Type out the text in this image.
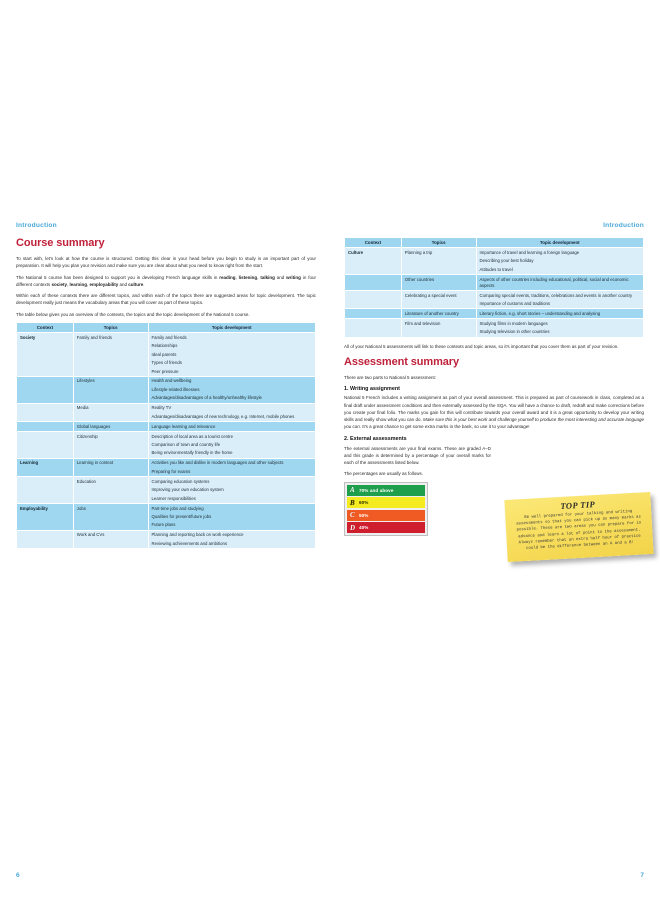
Introduction
Course summary

To start with, let's look at how the course is structured. Getting this clear in your head before you begin to study is an important part of your preparation. It will help you plan your revision and make sure you are clear about what you need to know right from the start.

The National 5 course has been designed to support you in developing French language skills in reading, listening, talking and writing in four different contexts society, learning, employability and culture.

Within each of these contexts there are different topics, and within each of the topics there are suggested areas for topic development. The topic development really just means the vocabulary areas that you will cover as part of these topics.

The table below gives you an overview of the contexts, the topics and the topic development of the National 5 course.

Context	Topics	Topic development
Society	Family and friends	Family and friends
Relationships
Ideal parents
Types of friends
Peer pressure

	Lifestyles	Health and wellbeing
Lifestyle-related illnesses
Advantages/disadvantages of a healthy/unhealthy lifestyle

	Media	Reality TV
Advantages/disadvantages of new technology, e.g. Internet, mobile phones

	Global languages	Language learning and relevance

	Citizenship	Description of local area as a tourist centre
Comparison of town and country life
Being environmentally friendly in the home

Learning	Learning in context	Activities you like and dislike in modern languages and other subjects
Preparing for exams

	Education	Comparing education systems
Improving your own education system
Learner responsibilities

Employability	Jobs	Part-time jobs and studying
Qualities for present/future jobs
Future plans

	Work and CVs	Planning and reporting back on work experience
Reviewing achievements and ambitions
6
Introduction
Context	Topics	Topic development
Culture	Planning a trip	Importance of travel and learning a foreign language
Describing your best holiday
Attitudes to travel

	Other countries	Aspects of other countries including educational, political, social and economic aspects

	Celebrating a special event	Comparing special events, traditions, celebrations and events in another country
Importance of customs and traditions

	Literature of another country	Literary fiction, e.g. short stories – understanding and analysing

	Film and television	Studying films in modern languages
Studying television in other countries

All of your National 5 assessments will link to these contexts and topic areas, so it's important that you cover them as part of your revision.

Assessment summary

There are two parts to National 5 assessment:

1. Writing assignment

National 5 French includes a writing assignment as part of your overall assessment. This is prepared as part of coursework in class, completed as a final draft under assessment conditions and then externally assessed by the SQA. You will have a chance to draft, redraft and make corrections before you create your final folio. The marks you gain for this will contribute towards your overall award and it is a great opportunity to develop your writing skills and really show what you can do. Make sure this is your best work and challenge yourself to produce the most interesting and accurate language you can. It's a great chance to get some extra marks in the bank, so use it to your advantage!

2. External assessments

The external assessments are your final exams. These are graded A–D and this grade is determined by a percentage of your overall marks for each of the assessments listed below.

The percentages are usually as follows.

A 70% and above
B 60%
C 50%
D 40%
TOP TIP
Be well prepared for your talking and writing assessments so that you can pick up as many marks as possible. These are two areas you can prepare for in advance and learn a lot of point to the assessment. Always remember that an extra half hour of practice could be the difference between an A and a B!
7
